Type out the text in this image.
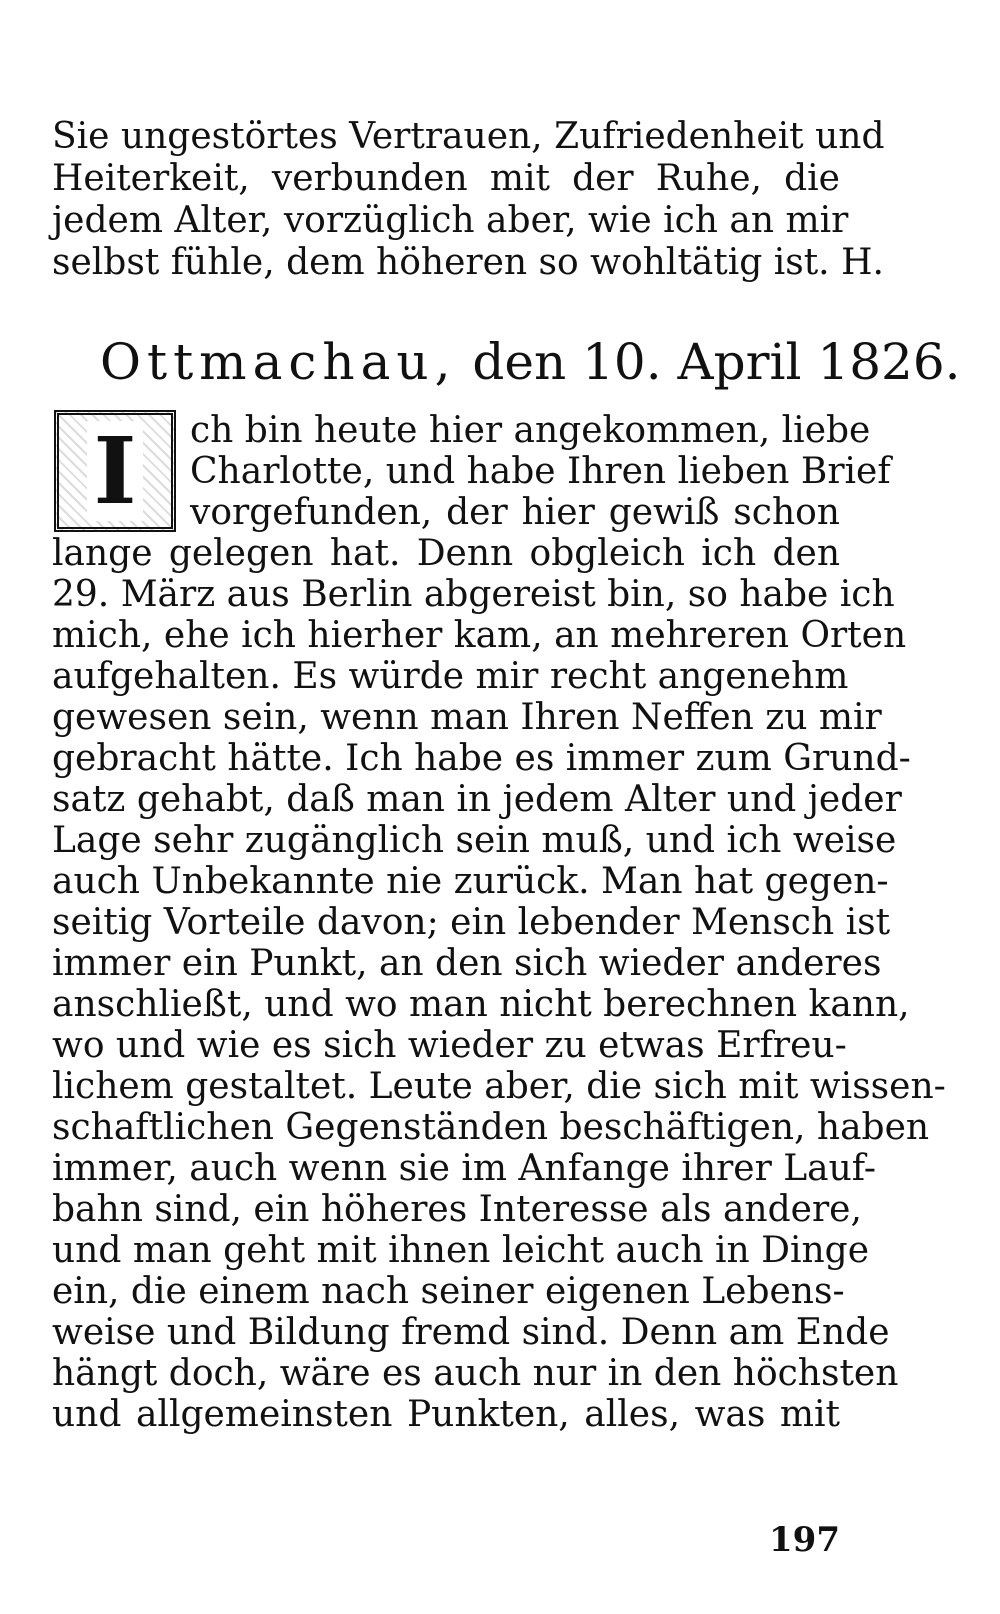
Sie ungestörtes Vertrauen, Zufriedenheit und
Heiterkeit, verbunden mit der Ruhe, die
jedem Alter, vorzüglich aber, wie ich an mir
selbst fühle, dem höheren so wohltätig ist. H.
Ottmachau, den 10. April 1826.
I ch bin heute hier angekommen, liebe
Charlotte, und habe Ihren lieben Brief
vorgefunden, der hier gewiß schon
lange gelegen hat. Denn obgleich ich den
29. März aus Berlin abgereist bin, so habe ich
mich, ehe ich hierher kam, an mehreren Orten
aufgehalten. Es würde mir recht angenehm
gewesen sein, wenn man Ihren Neffen zu mir
gebracht hätte. Ich habe es immer zum Grund-
satz gehabt, daß man in jedem Alter und jeder
Lage sehr zugänglich sein muß, und ich weise
auch Unbekannte nie zurück. Man hat gegen-
seitig Vorteile davon; ein lebender Mensch ist
immer ein Punkt, an den sich wieder anderes
anschließt, und wo man nicht berechnen kann,
wo und wie es sich wieder zu etwas Erfreu-
lichem gestaltet. Leute aber, die sich mit wissen-
schaftlichen Gegenständen beschäftigen, haben
immer, auch wenn sie im Anfange ihrer Lauf-
bahn sind, ein höheres Interesse als andere,
und man geht mit ihnen leicht auch in Dinge
ein, die einem nach seiner eigenen Lebens-
weise und Bildung fremd sind. Denn am Ende
hängt doch, wäre es auch nur in den höchsten
und allgemeinsten Punkten, alles, was mit
197
